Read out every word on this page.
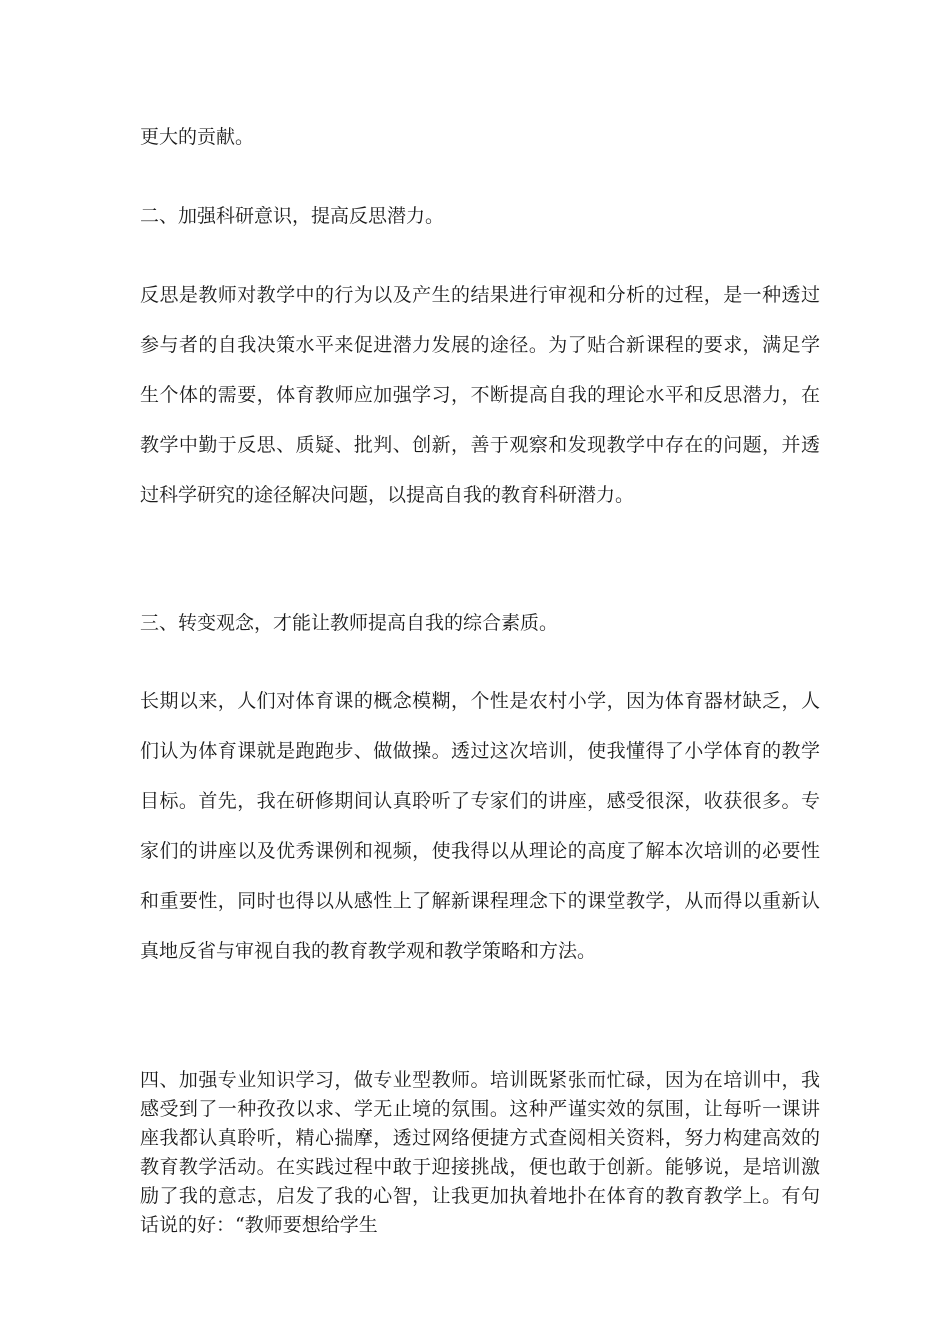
更大的贡献。

二、加强科研意识，提高反思潜力。

反思是教师对教学中的行为以及产生的结果进行审视和分析的过程，是一种透过参与者的自我决策水平来促进潜力发展的途径。为了贴合新课程的要求，满足学生个体的需要，体育教师应加强学习，不断提高自我的理论水平和反思潜力，在教学中勤于反思、质疑、批判、创新，善于观察和发现教学中存在的问题，并透过科学研究的途径解决问题，以提高自我的教育科研潜力。

三、转变观念，才能让教师提高自我的综合素质。

长期以来，人们对体育课的概念模糊，个性是农村小学，因为体育器材缺乏，人们认为体育课就是跑跑步、做做操。透过这次培训，使我懂得了小学体育的教学目标。首先，我在研修期间认真聆听了专家们的讲座，感受很深，收获很多。专家们的讲座以及优秀课例和视频，使我得以从理论的高度了解本次培训的必要性和重要性，同时也得以从感性上了解新课程理念下的课堂教学，从而得以重新认真地反省与审视自我的教育教学观和教学策略和方法。

四、加强专业知识学习，做专业型教师。培训既紧张而忙碌，因为在培训中，我感受到了一种孜孜以求、学无止境的氛围。这种严谨实效的氛围，让每听一课讲座我都认真聆听，精心揣摩，透过网络便捷方式查阅相关资料，努力构建高效的教育教学活动。在实践过程中敢于迎接挑战，便也敢于创新。能够说，是培训激励了我的意志，启发了我的心智，让我更加执着地扑在体育的教育教学上。有句话说的好：“教师要想给学生
